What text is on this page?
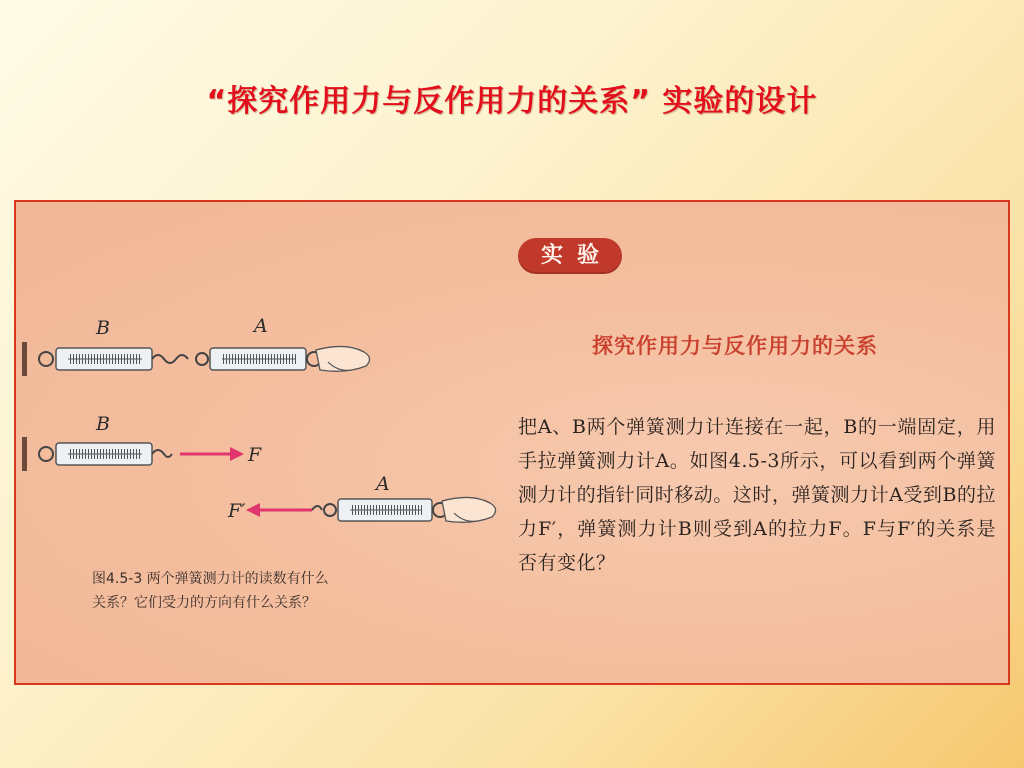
“探究作用力与反作用力的关系” 实验的设计
实验
探究作用力与反作用力的关系
把A、B两个弹簧测力计连接在一起，B的一端固定，用手拉弹簧测力计A。如图4.5-3所示，可以看到两个弹簧测力计的指针同时移动。这时，弹簧测力计A受到B的拉力F′，弹簧测力计B则受到A的拉力F。F与F′的关系是否有变化？
B	A
B
F
F′
A
图4.5-3 两个弹簧测力计的读数有什么
关系？它们受力的方向有什么关系？
